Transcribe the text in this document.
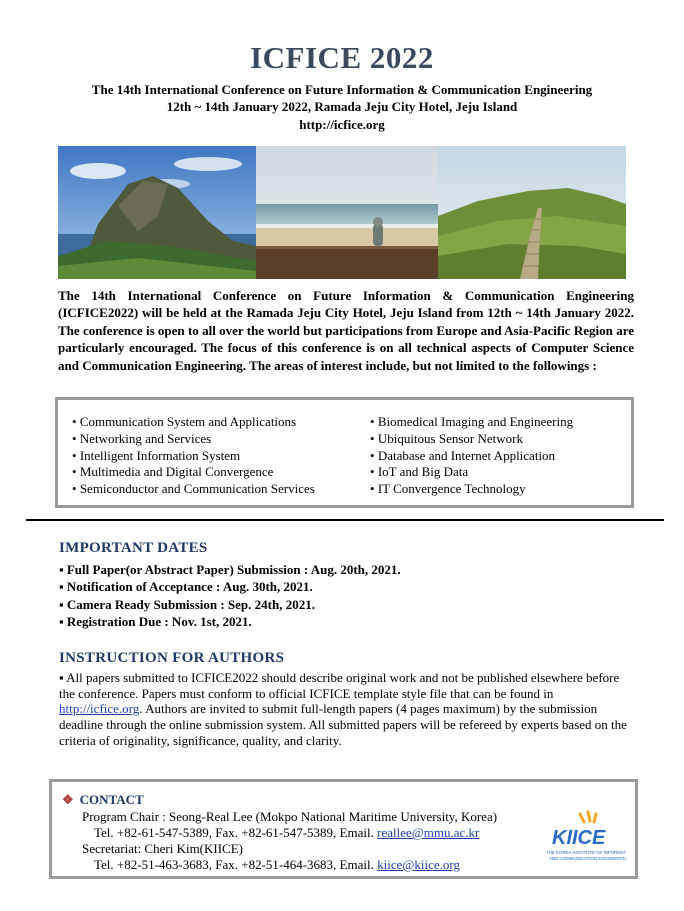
ICFICE 2022
The 14th International Conference on Future Information & Communication Engineering
12th ~ 14th January 2022, Ramada Jeju City Hotel, Jeju Island
http://icfice.org
The 14th International Conference on Future Information & Communication Engineering (ICFICE2022) will be held at the Ramada Jeju City Hotel, Jeju Island from 12th ~ 14th January 2022. The conference is open to all over the world but participations from Europe and Asia-Pacific Region are particularly encouraged. The focus of this conference is on all technical aspects of Computer Science and Communication Engineering. The areas of interest include, but not limited to the followings :
• Communication System and Applications
• Networking and Services
• Intelligent Information System
• Multimedia and Digital Convergence
• Semiconductor and Communication Services
• Biomedical Imaging and Engineering
• Ubiquitous Sensor Network
• Database and Internet Application
• IoT and Big Data
• IT Convergence Technology
IMPORTANT DATES
▪ Full Paper(or Abstract Paper) Submission : Aug. 20th, 2021.
▪ Notification of Acceptance : Aug. 30th, 2021.
▪ Camera Ready Submission : Sep. 24th, 2021.
▪ Registration Due : Nov. 1st, 2021.
INSTRUCTION FOR AUTHORS
▪ All papers submitted to ICFICE2022 should describe original work and not be published elsewhere before the conference. Papers must conform to official ICFICE template style file that can be found in http://icfice.org. Authors are invited to submit full-length papers (4 pages maximum) by the submission deadline through the online submission system. All submitted papers will be refereed by experts based on the criteria of originality, significance, quality, and clarity.
❖ CONTACT
Program Chair : Seong-Real Lee (Mokpo National Maritime University, Korea)
Tel. +82-61-547-5389, Fax. +82-61-547-5389, Email. reallee@mmu.ac.kr
Secretariat: Cheri Kim(KIICE)
Tel. +82-51-463-3683, Fax. +82-51-464-3683, Email. kiice@kiice.org
KIICE
THE KOREA INSTITUTE OF INFORMATION
AND COMMUNICATION ENGINEERING
